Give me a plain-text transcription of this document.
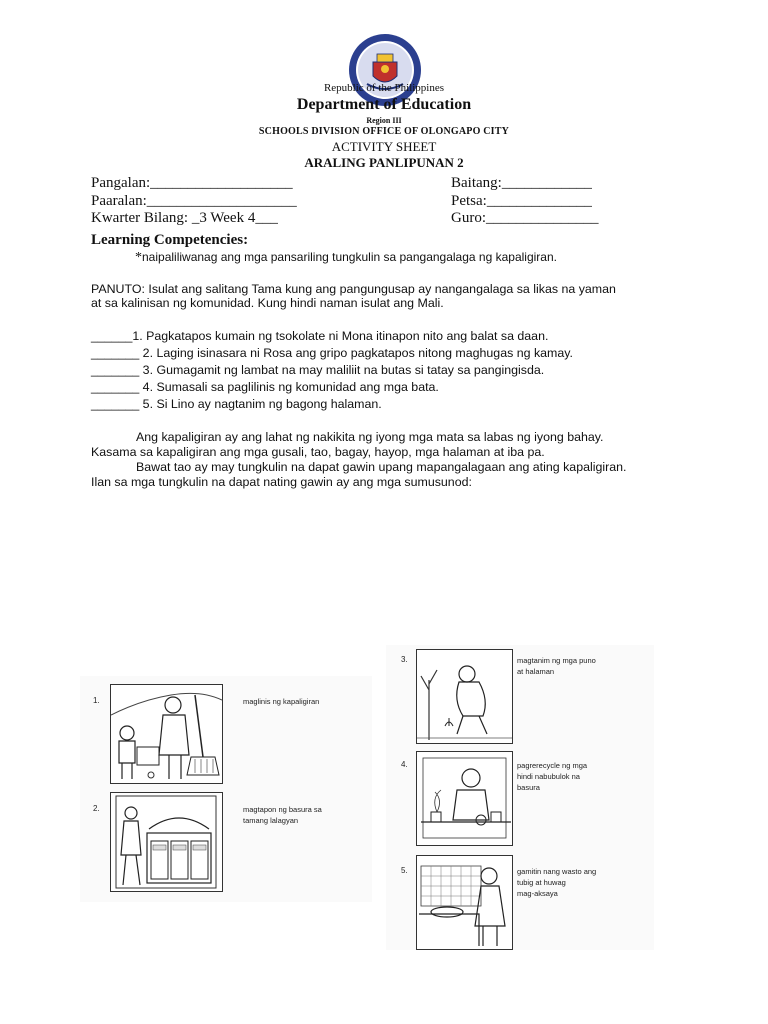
Republic of the Philippines
Department of Education
Region III
SCHOOLS DIVISION OFFICE OF OLONGAPO CITY
ACTIVITY SHEET
ARALING PANLIPUNAN 2
Pangalan:___________________
Paaralan:____________________
Kwarter Bilang: _3 Week 4___
Baitang:____________
Petsa:______________
Guro:_______________
Learning Competencies:
*naipaliliwanag ang mga pansariling tungkulin sa pangangalaga ng kapaligiran.
PANUTO: Isulat ang salitang Tama kung ang pangungusap ay nangangalaga sa likas na yaman
at sa kalinisan ng komunidad. Kung hindi naman isulat ang Mali.
______1. Pagkatapos kumain ng tsokolate ni Mona itinapon nito ang balat sa daan.
_______ 2. Laging isinasara ni Rosa ang gripo pagkatapos nitong maghugas ng kamay.
_______ 3. Gumagamit ng lambat na may maliliit na butas si tatay sa pangingisda.
_______ 4. Sumasali sa paglilinis ng komunidad ang mga bata.
_______ 5. Si Lino ay nagtanim ng bagong halaman.
Ang kapaligiran ay ang lahat ng nakikita ng iyong mga mata sa labas ng iyong bahay.
Kasama sa kapaligiran ang mga gusali, tao, bagay, hayop, mga halaman at iba pa.
Bawat tao ay may tungkulin na dapat gawin upang mapangalagaan ang ating kapaligiran.
Ilan sa mga tungkulin na dapat nating gawin ay ang mga sumusunod:
1.	maglinis ng kapaligiran
2.	magtapon ng basura sa
tamang lalagyan
3.	magtanim ng mga puno
at halaman
4.	pagrerecycle ng mga
hindi nabubulok na
basura
5.	gamitin nang wasto ang
tubig at huwag
mag-aksaya
